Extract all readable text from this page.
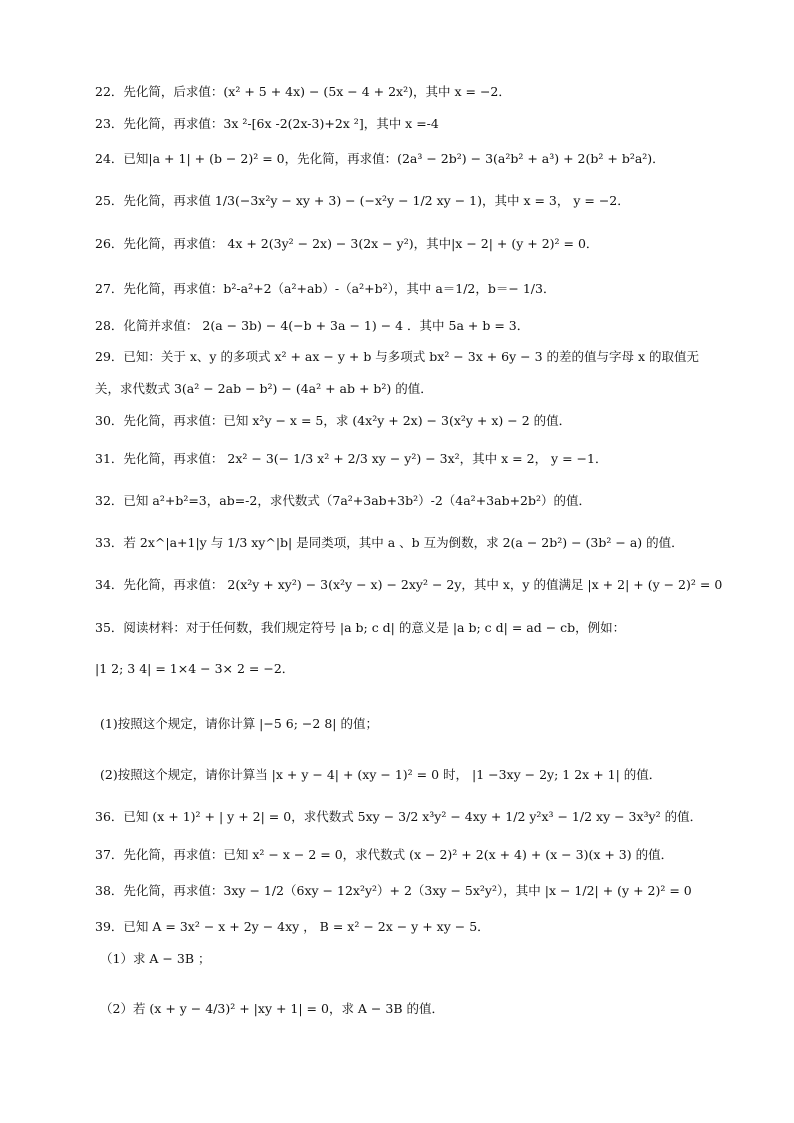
22．先化简，后求值：(x² + 5 + 4x) − (5x − 4 + 2x²)，其中 x = −2．
23．先化简，再求值：3x ²-[6x -2(2x-3)+2x ²]，其中 x =-4
24．已知|a + 1| + (b − 2)² = 0，先化简，再求值：(2a³ − 2b²) − 3(a²b² + a³) + 2(b² + b²a²)．
25．先化简，再求值 1/3(−3x²y − xy + 3) − (−x²y − 1/2 xy − 1)，其中 x = 3， y = −2．
26．先化简，再求值： 4x + 2(3y² − 2x) − 3(2x − y²)，其中|x − 2| + (y + 2)² = 0．
27．先化简，再求值：b²-a²+2（a²+ab）-（a²+b²），其中 a＝1/2，b＝− 1/3．
28．化简并求值： 2(a − 3b) − 4(−b + 3a − 1) − 4 ．其中 5a + b = 3．
29．已知：关于 x、y 的多项式 x² + ax − y + b 与多项式 bx² − 3x + 6y − 3 的差的值与字母 x 的取值无
关，求代数式 3(a² − 2ab − b²) − (4a² + ab + b²) 的值．
30．先化简，再求值：已知 x²y − x = 5，求 (4x²y + 2x) − 3(x²y + x) − 2 的值．
31．先化简，再求值： 2x² − 3(− 1/3 x² + 2/3 xy − y²) − 3x²，其中 x = 2， y = −1．
32．已知 a²+b²=3，ab=-2，求代数式（7a²+3ab+3b²）-2（4a²+3ab+2b²）的值．
33．若 2x^|a+1|y 与 1/3 xy^|b| 是同类项，其中 a 、b 互为倒数，求 2(a − 2b²) − (3b² − a) 的值．
34．先化简，再求值： 2(x²y + xy²) − 3(x²y − x) − 2xy² − 2y，其中 x，y 的值满足 |x + 2| + (y − 2)² = 0
35．阅读材料：对于任何数，我们规定符号 |a b; c d| 的意义是 |a b; c d| = ad − cb，例如：
|1 2; 3 4| = 1×4 − 3× 2 = −2．
(1)按照这个规定，请你计算 |−5 6; −2 8| 的值；
(2)按照这个规定，请你计算当 |x + y − 4| + (xy − 1)² = 0 时， |1 −3xy − 2y; 1 2x + 1| 的值．
36．已知 (x + 1)² + | y + 2| = 0，求代数式 5xy − 3/2 x³y² − 4xy + 1/2 y²x³ − 1/2 xy − 3x³y² 的值．
37．先化简，再求值：已知 x² − x − 2 = 0，求代数式 (x − 2)² + 2(x + 4) + (x − 3)(x + 3) 的值．
38．先化简，再求值：3xy − 1/2（6xy − 12x²y²）+ 2（3xy − 5x²y²），其中 |x − 1/2| + (y + 2)² = 0
39．已知 A = 3x² − x + 2y − 4xy ， B = x² − 2x − y + xy − 5．
（1）求 A − 3B ；
（2）若 (x + y − 4/3)² + |xy + 1| = 0，求 A − 3B 的值．
